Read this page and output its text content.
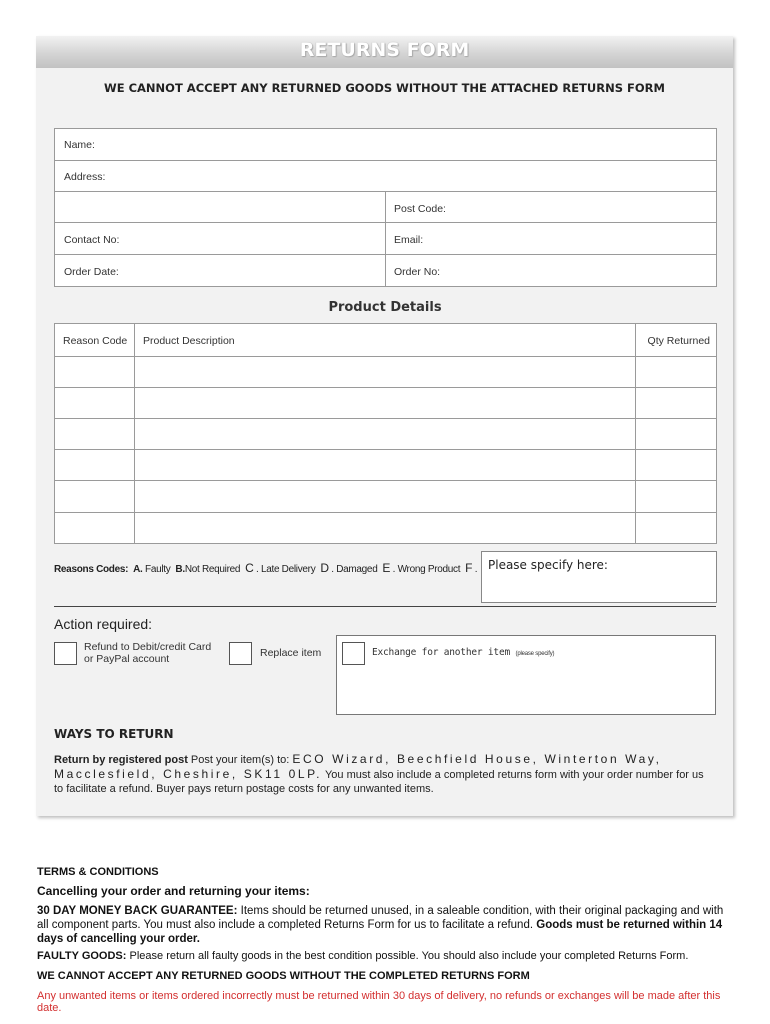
RETURNS FORM
WE CANNOT ACCEPT ANY RETURNED GOODS WITHOUT THE ATTACHED RETURNS FORM
Name:
Address:
Post Code:
Contact No:	Email:
Order Date:	Order No:
Product Details
Reason Code Product Description	Qty Returned
Reasons Codes: A. Faulty B.Not Required C . Late Delivery D . Damaged E . Wrong Product F . Please specify here:
Action required:
Refund to Debit/credit Card
or PayPal account	Replace item	Exchange for another item (please specify)
WAYS TO RETURN
Return by registered post Post your item(s) to: ECO Wizard, Beechfield House, Winterton Way, Macclesfield, Cheshire, SK11 0LP. You must also include a completed returns form with your order number for us to facilitate a refund. Buyer pays return postage costs for any unwanted items.
TERMS & CONDITIONS
Cancelling your order and returning your items:
30 DAY MONEY BACK GUARANTEE: Items should be returned unused, in a saleable condition, with their original packaging and with all component parts. You must also include a completed Returns Form for us to facilitate a refund. Goods must be returned within 14 days of cancelling your order.
FAULTY GOODS: Please return all faulty goods in the best condition possible. You should also include your completed Returns Form.
WE CANNOT ACCEPT ANY RETURNED GOODS WITHOUT THE COMPLETED RETURNS FORM
Any unwanted items or items ordered incorrectly must be returned within 30 days of delivery, no refunds or exchanges will be made after this date.
